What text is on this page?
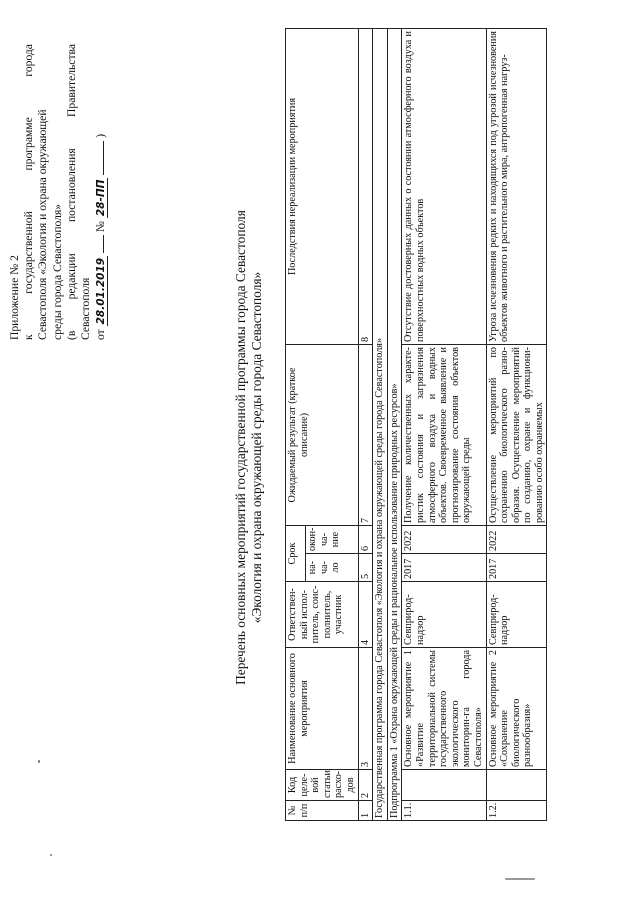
Приложение № 2 к
государственной
программе
города
Севастополя «Экология и охрана окружающей среды города Севастополя» (в
редакции
постановления
Правительства
Севастополя от 28.01.2019  № 28-ПП  )
Перечень основных мероприятий государственной программы города Севастополя «Экология и охрана окружающей среды города Севастополя»
№ п/п	Код целе-вой статьи расхо-дов	Наименование основного мероприятия	Ответствен-ный испол-питель, соис-полнитель, участник	Срок		Ожидаемый результат (краткое описание)	Последствия нереализации мероприятия
				на-ча-ло	окон-ча-ние		
1	2	3	4	5	6	7	8
Государственная программа города Севастополя «Экология и охрана окружающей среды города Севастополя»							
Подпрограмма 1 «Охрана окружающей среды и рациональное использование природных ресурсов»							
1.1.		Основное мероприятие 1 «Развитие территориальной системы государственного экологического мониторин-га города Севастополя»	Севприрод-надзор	2017	2022	Получение количественных характе-ристик состояния и загрязнения атмосферного воздуха и водных объектов. Своевременное выявление и прогнозирование состояния объектов окружающей среды	Отсутствие достоверных данных о состоянии атмосферного воздуха и поверхностных водных объектов
1.2.		Основное мероприятие 2 «Сохранение биологического разнообразия»	Севприрод-надзор	2017	2022	Осуществление мероприятий по сохранению биологического разно-образия. Осуществление мероприятий по созданию, охране и функциони-рованию особо охраняемых	Угроза исчезновения редких и находящихся под угрозой исчезновения объектов животного и растительного мира, антропогенная нагруз-
